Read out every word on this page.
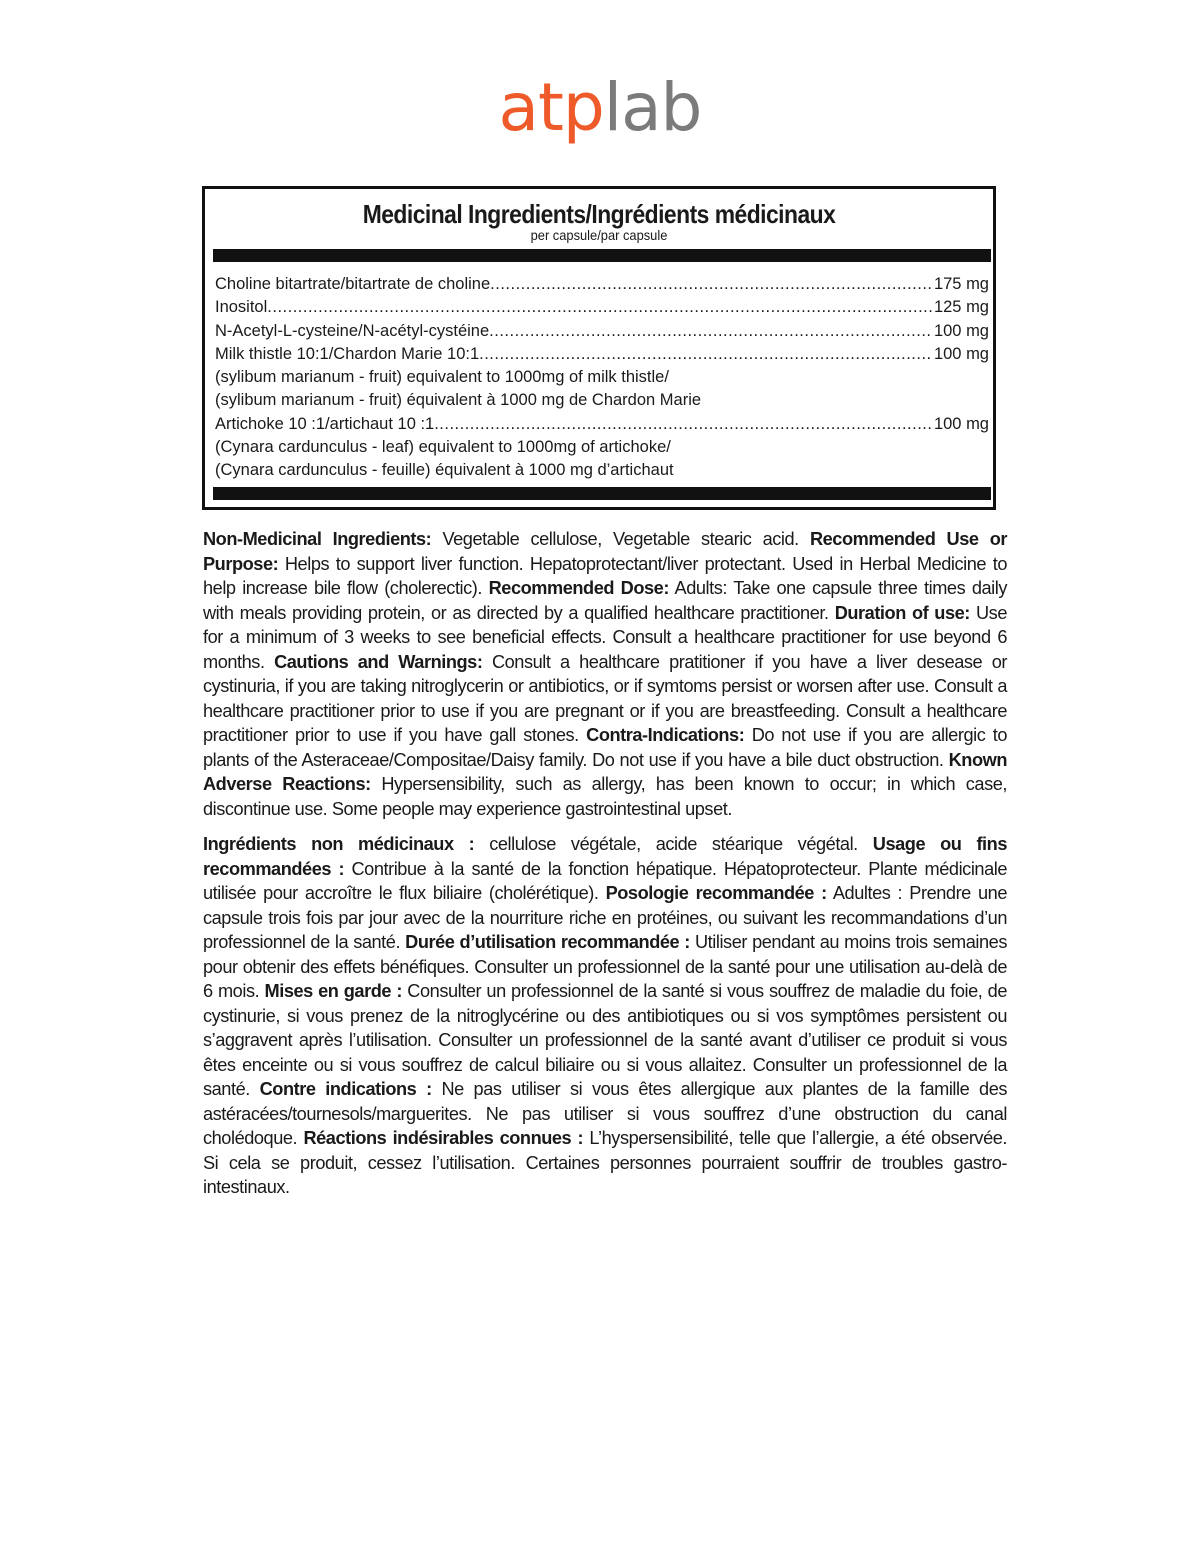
atplab
Medicinal Ingredients/Ingrédients médicinaux
per capsule/par capsule
Choline bitartrate/bitartrate de choline .....	175 mg
Inositol .....	125 mg
N-Acetyl-L-cysteine/N-acétyl-cystéine .....	100 mg
Milk thistle 10:1/Chardon Marie 10:1 .....	100 mg
(sylibum marianum - fruit) equivalent to 1000mg of milk thistle/
(sylibum marianum - fruit) équivalent à 1000 mg de Chardon Marie
Artichoke 10 :1/artichaut 10 :1 .....	100 mg
(Cynara cardunculus - leaf) equivalent to 1000mg of artichoke/
(Cynara cardunculus - feuille) équivalent à 1000 mg d’artichaut
Non-Medicinal Ingredients: Vegetable cellulose, Vegetable stearic acid. Recommended Use or Purpose: Helps to support liver function. Hepatoprotectant/liver protectant. Used in Herbal Medicine to help increase bile flow (cholerectic). Recommended Dose: Adults: Take one capsule three times daily with meals providing protein, or as directed by a qualified healthcare practitioner. Duration of use: Use for a minimum of 3 weeks to see beneficial effects. Consult a healthcare practitioner for use beyond 6 months. Cautions and Warnings: Consult a healthcare pratitioner if you have a liver desease or cystinuria, if you are taking nitroglycerin or antibiotics, or if symtoms persist or worsen after use. Consult a healthcare practitioner prior to use if you are pregnant or if you are breastfeeding. Consult a healthcare practitioner prior to use if you have gall stones. Contra-Indications: Do not use if you are allergic to plants of the Asteraceae/Compositae/Daisy family. Do not use if you have a bile duct obstruction. Known Adverse Reactions: Hypersensibility, such as allergy, has been known to occur; in which case, discontinue use. Some people may experience gastrointestinal upset.
Ingrédients non médicinaux : cellulose végétale, acide stéarique végétal. Usage ou fins recommandées : Contribue à la santé de la fonction hépatique. Hépatoprotecteur. Plante médicinale utilisée pour accroître le flux biliaire (cholérétique). Posologie recommandée : Adultes : Prendre une capsule trois fois par jour avec de la nourriture riche en protéines, ou suivant les recommandations d’un professionnel de la santé. Durée d’utilisation recommandée : Utiliser pendant au moins trois semaines pour obtenir des effets bénéfiques. Consulter un professionnel de la santé pour une utilisation au-delà de 6 mois. Mises en garde : Consulter un professionnel de la santé si vous souffrez de maladie du foie, de cystinurie, si vous prenez de la nitroglycérine ou des antibiotiques ou si vos symptômes persistent ou s’aggravent après l’utilisation. Consulter un professionnel de la santé avant d’utiliser ce produit si vous êtes enceinte ou si vous souffrez de calcul biliaire ou si vous allaitez. Consulter un professionnel de la santé. Contre indications : Ne pas utiliser si vous êtes allergique aux plantes de la famille des astéracées/tournesols/marguerites. Ne pas utiliser si vous souffrez d’une obstruction du canal cholédoque. Réactions indésirables connues : L’hyspersensibilité, telle que l’allergie, a été observée. Si cela se produit, cessez l’utilisation. Certaines personnes pourraient souffrir de troubles gastro-intestinaux.
